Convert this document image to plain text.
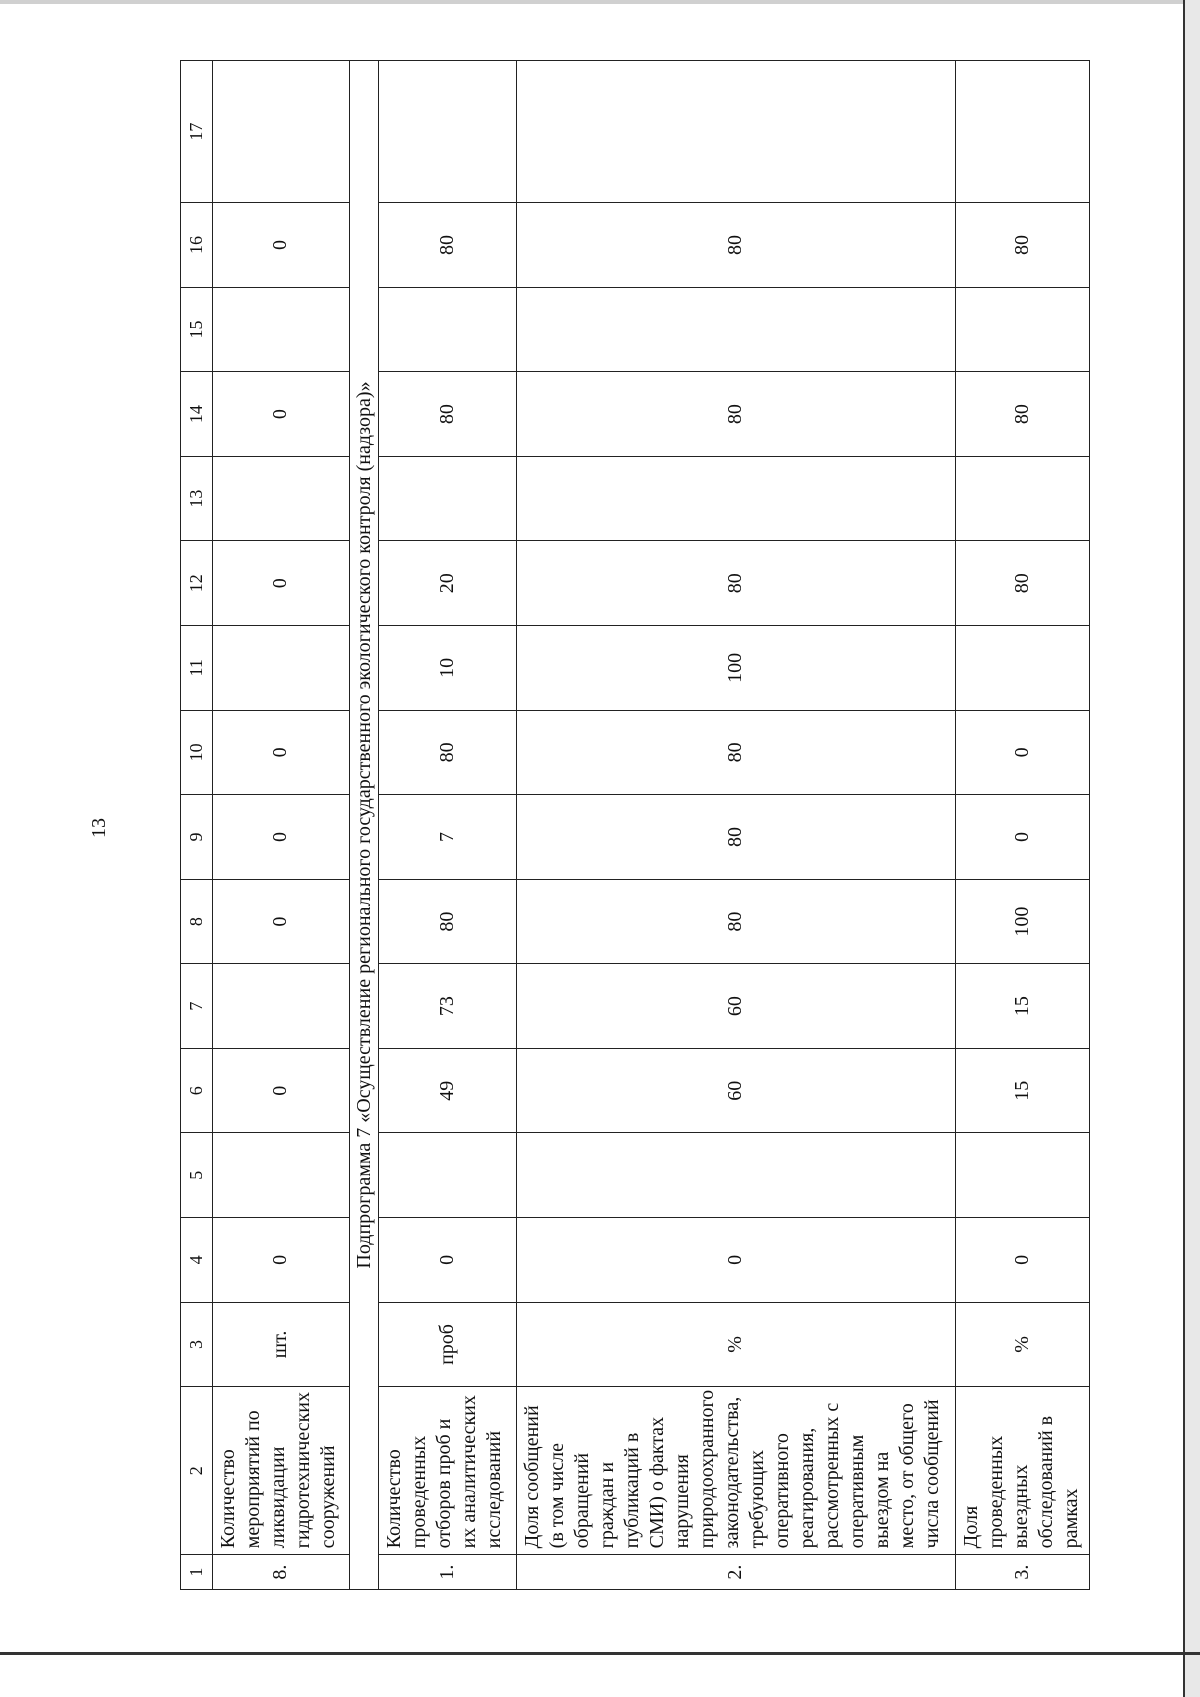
13
1	2	3	4	5	6	7	8	9	10	11	12	13	14	15	16	17
8.	Количество мероприятий по ликвидации гидротехнических сооружений	шт.	0		0		0	0	0		0		0		0	
Подпрограмма 7 «Осуществление регионального государственного экологического контроля (надзора)»																
1.	Количество проведенных отборов проб и их аналитических исследований	проб	0		49	73	80	7	80	10	20		80		80	
2.	Доля сообщений (в том числе обращений граждан и публикаций в СМИ) о фактах нарушения природоохранного законодательства, требующих оперативного реагирования, рассмотренных с оперативным выездом на место, от общего числа сообщений	%	0		60	60	80	80	80	100	80		80		80	
3.	Доля проведенных выездных обследований в рамках	%	0		15	15	100	0	0		80		80		80	
